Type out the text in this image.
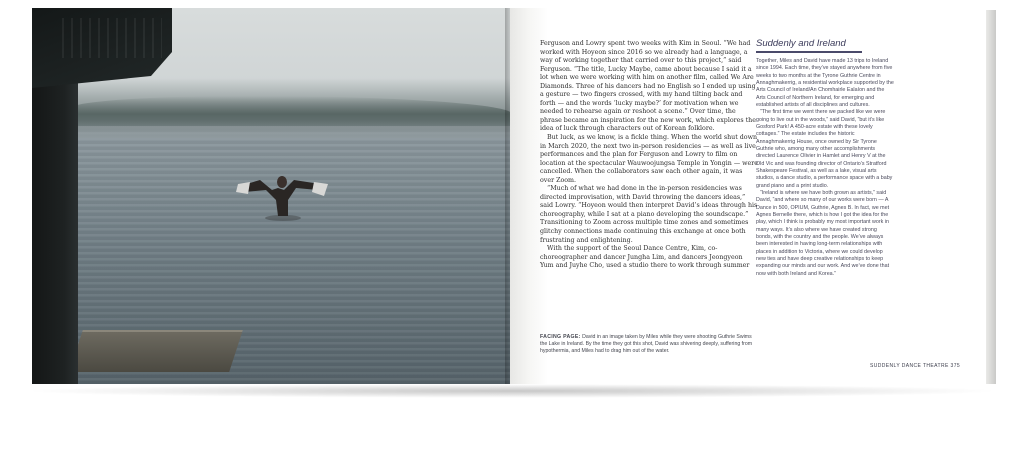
Ferguson and Lowry spent two weeks with Kim in Seoul. “We had worked with Hoyeon since 2016 so we already had a language, a way of working together that carried over to this project,” said Ferguson. “The title, Lucky Maybe, came about because I said it a lot when we were working with him on another film, called We Are Diamonds. Three of his dancers had no English so I ended up using a gesture — two fingers crossed, with my hand tilting back and forth — and the words ‘lucky maybe?’ for motivation when we needed to rehearse again or reshoot a scene.” Over time, the phrase became an inspiration for the new work, which explores the idea of luck through characters out of Korean folklore.

But luck, as we know, is a fickle thing. When the world shut down in March 2020, the next two in-person residencies — as well as live performances and the plan for Ferguson and Lowry to film on location at the spectacular Wauwoojungsa Temple in Yongin — were cancelled. When the collaborators saw each other again, it was over Zoom.

“Much of what we had done in the in-person residencies was directed improvisation, with David throwing the dancers ideas,” said Lowry. “Hoyeon would then interpret David’s ideas through his choreography, while I sat at a piano developing the soundscape.” Transitioning to Zoom across multiple time zones and sometimes glitchy connections made continuing this exchange at once both frustrating and enlightening.

With the support of the Seoul Dance Centre, Kim, co-choreographer and dancer Jungha Lim, and dancers Jeongyeon Yum and Juyhe Cho, used a studio there to work through summer

FACING PAGE: David in an image taken by Miles while they were shooting Guthrie Swims the Lake in Ireland. By the time they got this shot, David was shivering deeply, suffering from hypothermia, and Miles had to drag him out of the water.
Suddenly and Ireland

Together, Miles and David have made 13 trips to Ireland since 1994. Each time, they’ve stayed anywhere from five weeks to two months at the Tyrone Guthrie Centre in Annaghmakerrig, a residential workplace supported by the Arts Council of Ireland/An Chomhairle Ealaíon and the Arts Council of Northern Ireland, for emerging and established artists of all disciplines and cultures.

“The first time we went there we packed like we were going to live out in the woods,” said David, “but it’s like Gosford Park! A 450-acre estate with these lovely cottages.” The estate includes the historic Annaghmakerrig House, once owned by Sir Tyrone Guthrie who, among many other accomplishments directed Laurence Olivier in Hamlet and Henry V at the Old Vic and was founding director of Ontario’s Stratford Shakespeare Festival, as well as a lake, visual arts studios, a dance studio, a performance space with a baby grand piano and a print studio.

“Ireland is where we have both grown as artists,” said David, “and where so many of our works were born — A Dance in 500, OPIUM, Guthrie, Agnes B. In fact, we met Agnes Bernelle there, which is how I got the idea for the play, which I think is probably my most important work in many ways. It’s also where we have created strong bonds, with the country and the people. We’ve always been interested in having long-term relationships with places in addition to Victoria, where we could develop new ties and have deep creative relationships to keep expanding our minds and our work. And we’ve done that now with both Ireland and Korea.”

SUDDENLY DANCE THEATRE 375
